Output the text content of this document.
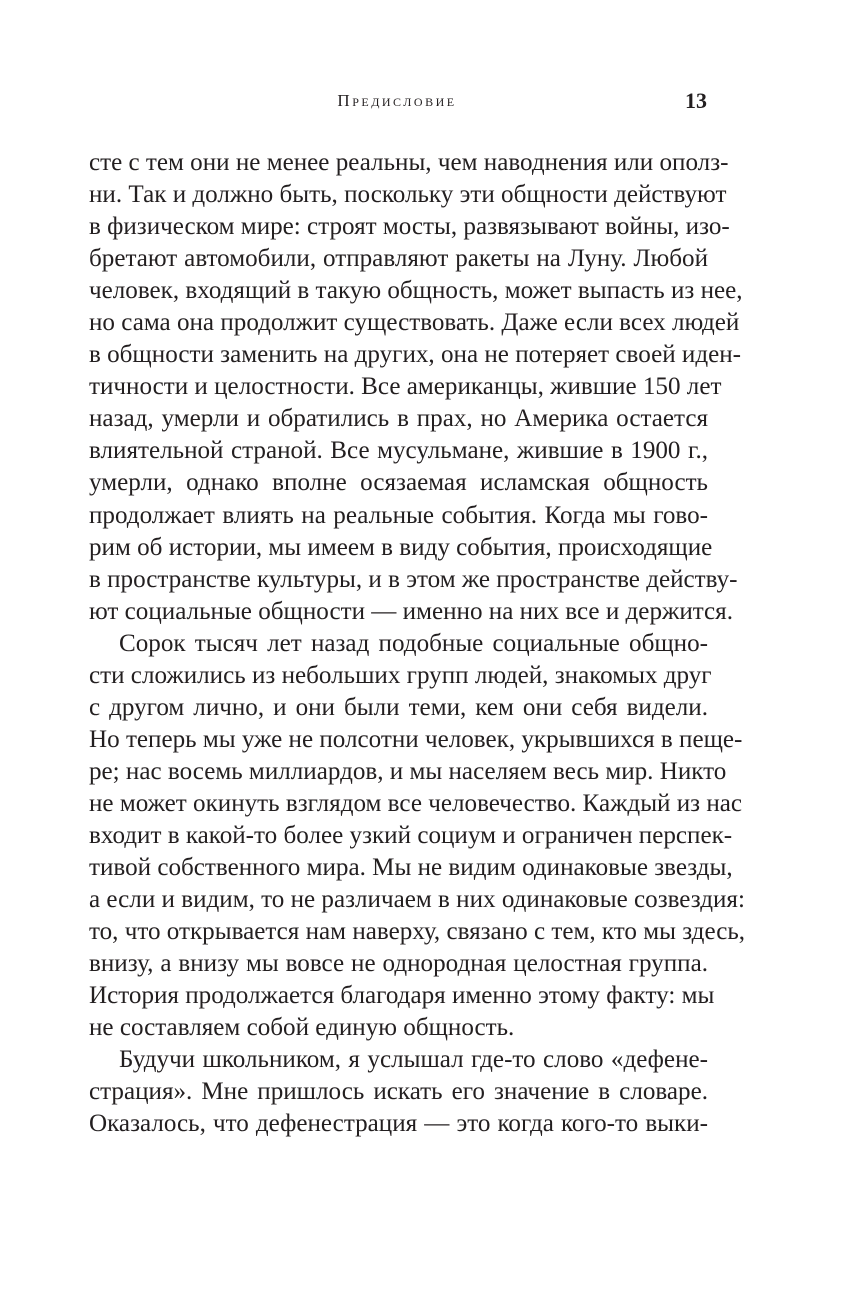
Предисловие	13
сте с тем они не менее реальны, чем наводнения или ополз-
ни. Так и должно быть, поскольку эти общности действуют
в физическом мире: строят мосты, развязывают войны, изо-
бретают автомобили, отправляют ракеты на Луну. Любой
человек, входящий в такую общность, может выпасть из нее,
но сама она продолжит существовать. Даже если всех людей
в общности заменить на других, она не потеряет своей иден-
тичности и целостности. Все американцы, жившие 150 лет
назад, умерли и обратились в прах, но Америка остается
влиятельной страной. Все мусульмане, жившие в 1900 г.,
умерли, однако вполне осязаемая исламская общность
продолжает влиять на реальные события. Когда мы гово-
рим об истории, мы имеем в виду события, происходящие
в пространстве культуры, и в этом же пространстве действу-
ют социальные общности — именно на них все и держится.
Сорок тысяч лет назад подобные социальные общно-
сти сложились из небольших групп людей, знакомых друг
с другом лично, и они были теми, кем они себя видели.
Но теперь мы уже не полсотни человек, укрывшихся в пеще-
ре; нас восемь миллиардов, и мы населяем весь мир. Никто
не может окинуть взглядом все человечество. Каждый из нас
входит в какой-то более узкий социум и ограничен перспек-
тивой собственного мира. Мы не видим одинаковые звезды,
а если и видим, то не различаем в них одинаковые созвездия:
то, что открывается нам наверху, связано с тем, кто мы здесь,
внизу, а внизу мы вовсе не однородная целостная группа.
История продолжается благодаря именно этому факту: мы
не составляем собой единую общность.
Будучи школьником, я услышал где-то слово «дефене-
страция». Мне пришлось искать его значение в словаре.
Оказалось, что дефенестрация — это когда кого-то выки-
